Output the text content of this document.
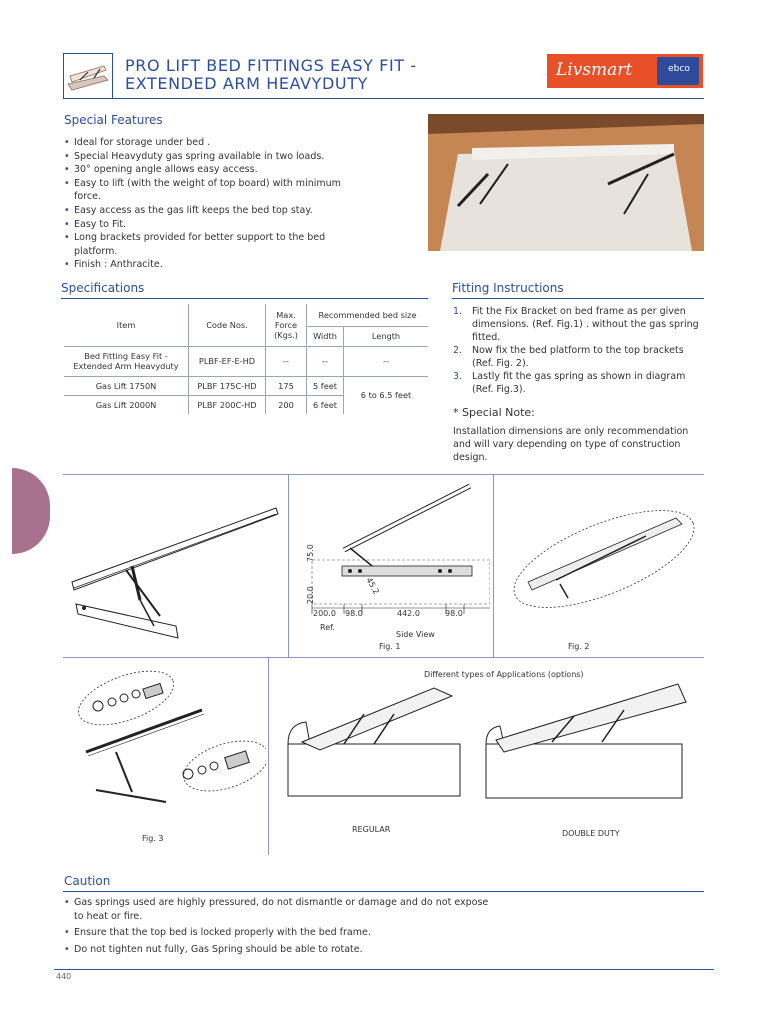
PRO LIFT BED FITTINGS EASY FIT -
EXTENDED ARM HEAVYDUTY
Livsmart	ebco
Special Features
• Ideal for storage under bed .
• Special Heavyduty gas spring available in two loads.
• 30° opening angle allows easy access.
• Easy to lift (with the weight of top board) with minimum force.
• Easy access as the gas lift keeps the bed top stay.
• Easy to Fit.
• Long brackets provided for better support to the bed platform.
• Finish : Anthracite.
Specifications
Item	Code Nos.	Max. Force (Kgs.)	Recommended bed size	
			Width	Length
Bed Fitting Easy Fit - Extended Arm Heavyduty	PLBF-EF-E-HD	--	--	--
Gas Lift 1750N	PLBF 175C-HD	175	5 feet	6 to 6.5 feet
Gas Lift 2000N	PLBF 200C-HD	200	6 feet	
Fitting Instructions
1. Fit the Fix Bracket on bed frame as per given dimensions. (Ref. Fig.1) . without the gas spring fitted.
2. Now fix the bed platform to the top brackets (Ref. Fig. 2).
3. Lastly fit the gas spring as shown in diagram (Ref. Fig.3).
* Special Note:
Installation dimensions are only recommendation and will vary depending on type of construction design.
200.0 98.0	442.0	98.0
75.0
20.0	45.2
Ref.
Side View
Fig. 1	Fig. 2
Fig. 3
Different types of Applications (options)
REGULAR	DOUBLE DUTY
Caution
• Gas springs used are highly pressured, do not dismantle or damage and do not expose to heat or fire.
• Ensure that the top bed is locked properly with the bed frame.
• Do not tighten nut fully, Gas Spring should be able to rotate.
440
